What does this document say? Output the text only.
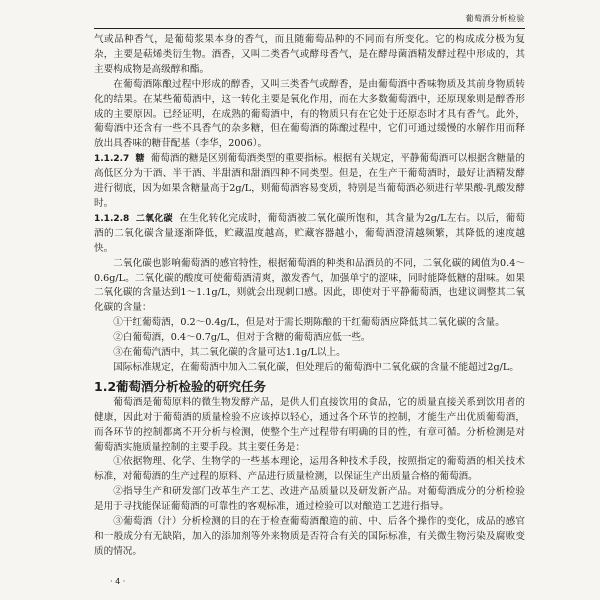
葡萄酒分析检验

气或品种香气，是葡萄浆果本身的香气，而且随葡萄品种的不同而有所变化。它的构成成分极为复杂，主要是萜烯类衍生物。酒香，又叫二类香气或酵母香气，是在酵母菌酒精发酵过程中形成的，其主要构成物是高级醇和酯。

在葡萄酒陈酿过程中形成的醇香，又叫三类香气或醇香，是由葡萄酒中香味物质及其前身物质转化的结果。在某些葡萄酒中，这一转化主要是氧化作用，而在大多数葡萄酒中，还原现象则是醇香形成的主要原因。已经证明，在成熟的葡萄酒中，有的物质只有在它处于还原态时才具有香气。此外，葡萄酒中还含有一些不具香气的杂多糖，但在葡萄酒的陈酿过程中，它们可通过缓慢的水解作用而释放出具香味的糖苷配基（李华，2006）。

1.1.2.7 糖 葡萄酒的糖是区别葡萄酒类型的重要指标。根据有关规定，平静葡萄酒可以根据含糖量的高低区分为干酒、半干酒、半甜酒和甜酒四种不同类型。但是，在生产干葡萄酒时，最好让酒精发酵进行彻底，因为如果含糖量高于2g/L，则葡萄酒容易变质，特别是当葡萄酒必须进行苹果酸-乳酸发酵时。

1.1.2.8 二氧化碳 在生化转化完成时，葡萄酒被二氧化碳所饱和，其含量为2g/L左右。以后，葡萄酒的二氧化碳含量逐渐降低，贮藏温度越高，贮藏容器越小，葡萄酒澄清越频繁，其降低的速度越快。

二氧化碳也影响葡萄酒的感官特性，根据葡萄酒的种类和品酒员的不同，二氧化碳的阈值为0.4～0.6g/L。二氧化碳的酸度可使葡萄酒清爽，激发香气，加强单宁的涩味，同时能降低糖的甜味。如果二氧化碳的含量达到1～1.1g/L，则就会出现刺口感。因此，即使对于平静葡萄酒，也建议调整其二氧化碳的含量：

①干红葡萄酒，0.2～0.4g/L，但是对于需长期陈酿的干红葡萄酒应降低其二氧化碳的含量。

②白葡萄酒，0.4～0.7g/L，但对于含糖的葡萄酒应低一些。

③在葡萄汽酒中，其二氧化碳的含量可达1.1g/L以上。

国际标准规定，在葡萄酒中加入二氧化碳，但处理后的葡萄酒中二氧化碳的含量不能超过2g/L。

1.2葡萄酒分析检验的研究任务

葡萄酒是葡萄原料的微生物发酵产品，是供人们直接饮用的食品，它的质量直接关系到饮用者的健康，因此对于葡萄酒的质量检验不应该掉以轻心，通过各个环节的控制，才能生产出优质葡萄酒，而各环节的控制都离不开分析与检测，使整个生产过程带有明确的目的性，有章可循。分析检测是对葡萄酒实施质量控制的主要手段。其主要任务是：

①依据物理、化学、生物学的一些基本理论，运用各种技术手段，按照指定的葡萄酒的相关技术标准，对葡萄酒的生产过程的原料、产品进行质量检测，以保证生产出质量合格的葡萄酒。

②指导生产和研发部门改革生产工艺、改进产品质量以及研发新产品。对葡萄酒成分的分析检验是用于寻找能保证葡萄酒的可靠性的客观标准，通过检验可以对酿造工艺进行指导。

③葡萄酒（汁）分析检测的目的在于检查葡萄酒酿造的前、中、后各个操作的变化，成品的感官和一般成分有无缺陷，加入的添加剂等外来物质是否符合有关的国际标准，有关微生物污染及腐败变质的情况。

· 4 ·
